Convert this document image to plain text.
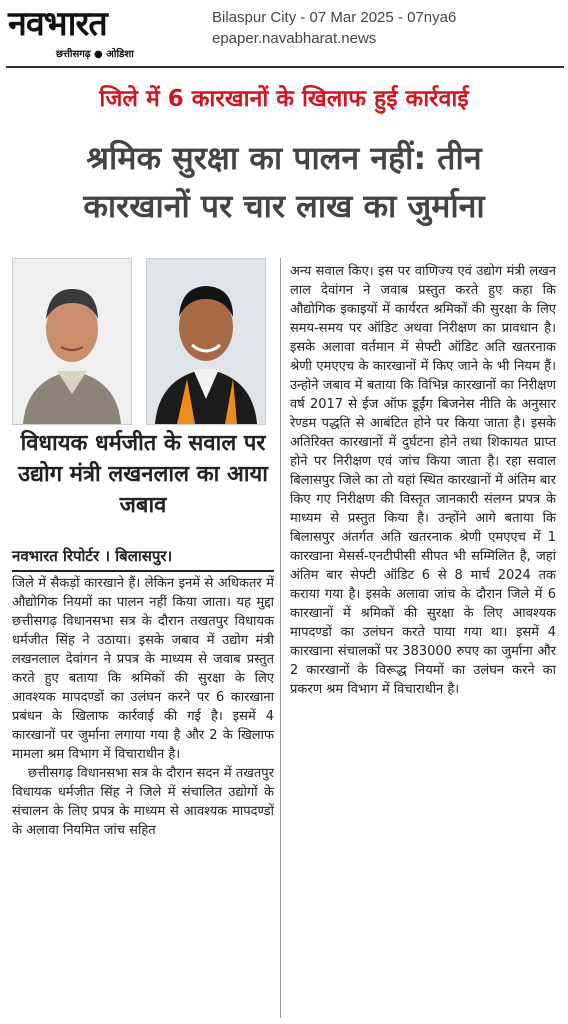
नवभारत
छत्तीसगढ़ ● ओडिशा
Bilaspur City - 07 Mar 2025 - 07nya6
epaper.navabharat.news
जिले में 6 कारखानों के खिलाफ हुई कार्रवाई
श्रमिक सुरक्षा का पालन नहीं: तीन
कारखानों पर चार लाख का जुर्माना
विधायक धर्मजीत के सवाल पर उद्योग मंत्री लखनलाल का आया जबाव
नवभारत रिपोर्टर । बिलासपुर।

जिले में सैकड़ों कारखाने हैं। लेकिन इनमें से अधिकतर में औद्योगिक नियमों का पालन नहीं किया जाता। यह मुद्दा छत्तीसगढ़ विधानसभा सत्र के दौरान तखतपुर विधायक धर्मजीत सिंह ने उठाया। इसके जबाव में उद्योग मंत्री लखनलाल देवांगन ने प्रपत्र के माध्यम से जवाब प्रस्तुत करते हुए बताया कि श्रमिकों की सुरक्षा के लिए आवश्यक मापदण्डों का उलंघन करने पर 6 कारखाना प्रबंधन के खिलाफ कार्रवाई की गई है। इसमें 4 कारखानों पर जुर्माना लगाया गया है और 2 के खिलाफ मामला श्रम विभाग में विचाराधीन है।

छत्तीसगढ़ विधानसभा सत्र के दौरान सदन में तखतपुर विधायक धर्मजीत सिंह ने जिले में संचालित उद्योगों के संचालन के लिए प्रपत्र के माध्यम से आवश्यक मापदण्डों के अलावा नियमित जांच सहित

अन्य सवाल किए। इस पर वाणिज्य एवं उद्योग मंत्री लखन लाल देवांगन ने जवाब प्रस्तुत करते हुए कहा कि औद्योगिक इकाइयों में कार्यरत श्रमिकों की सुरक्षा के लिए समय-समय पर ऑडिट अथवा निरीक्षण का प्रावधान है। इसके अलावा वर्तमान में सेफ्टी ऑडिट अति खतरनाक श्रेणी एमएएच के कारखानों में किए जाने के भी नियम हैं। उन्होने जबाव में बताया कि विभिन्न कारखानों का निरीक्षण वर्ष 2017 से ईज ऑफ डूईंग बिजनेस नीति के अनुसार रेण्डम पद्धति से आबंटित होने पर किया जाता है। इसके अतिरिक्त कारखानों में दुर्घटना होने तथा शिकायत प्राप्त होने पर निरीक्षण एवं जांच किया जाता है। रहा सवाल बिलासपुर जिले का तो यहां स्थित कारखानों में अंतिम बार किए गए निरीक्षण की विस्तृत जानकारी संलग्न प्रपत्र के माध्यम से प्रस्तुत किया है। उन्होंने आगे बताया कि बिलासपुर अंतर्गत अति खतरनाक श्रेणी एमएएच में 1 कारखाना मेसर्स-एनटीपीसी सीपत भी सम्मिलित है, जहां अंतिम बार सेफ्टी ऑडिट 6 से 8 मार्च 2024 तक कराया गया है। इसके अलावा जांच के दौरान जिले में 6 कारखानों में श्रमिकों की सुरक्षा के लिए आवश्यक मापदण्डों का उलंघन करते पाया गया था। इसमें 4 कारखाना संचालकों पर 383000 रुपए का जुर्माना और 2 कारखानों के विरूद्ध नियमों का उलंघन करने का प्रकरण श्रम विभाग में विचाराधीन है।
